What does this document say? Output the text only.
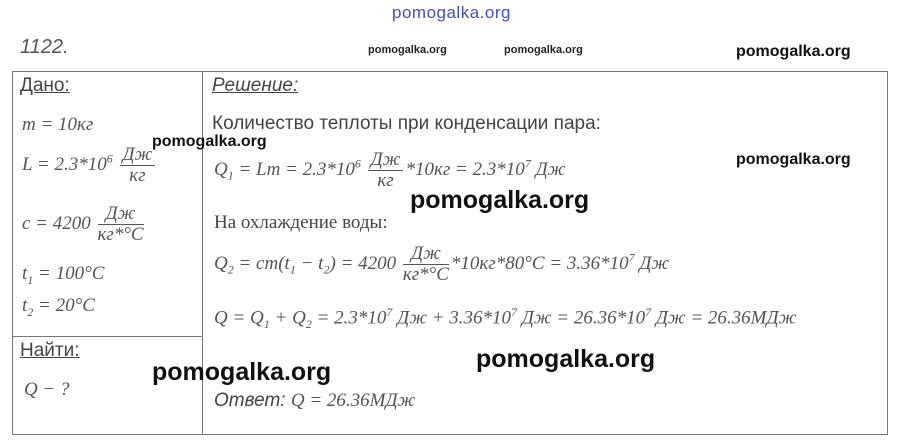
pomogalka.org
1122.	pomogalka.org	pomogalka.org	pomogalka.org
Дано:
m = 10кг
$L = 2.3*10^6 \frac{Дж}{кг}$
$c = 4200 \frac{Дж}{кг*^\circ C}$
$t_1 = 100^\circ C$
$t_2 = 20^\circ C$
Найти:
Q − ?
Решение:
Количество теплоты при конденсации пара:
$Q_1 = Lm = 2.3*10^6 \frac{Дж}{кг} *10кг = 2.3*10^7$ Дж
На охлаждение воды:
$Q_2 = cm(t_1 - t_2) = 4200 \frac{Дж}{кг*^\circ C} *10кг*80^\circ C = 3.36*10^7$ Дж
$Q = Q_1 + Q_2 = 2.3*10^7$ Дж + $3.36*10^7$ Дж = $26.36*10^7$ Дж = 26.36МДж
Ответ: Q = 26.36МДж
pomogalka.org
pomogalka.org
pomogalka.org
pomogalka.org
pomogalka.org
